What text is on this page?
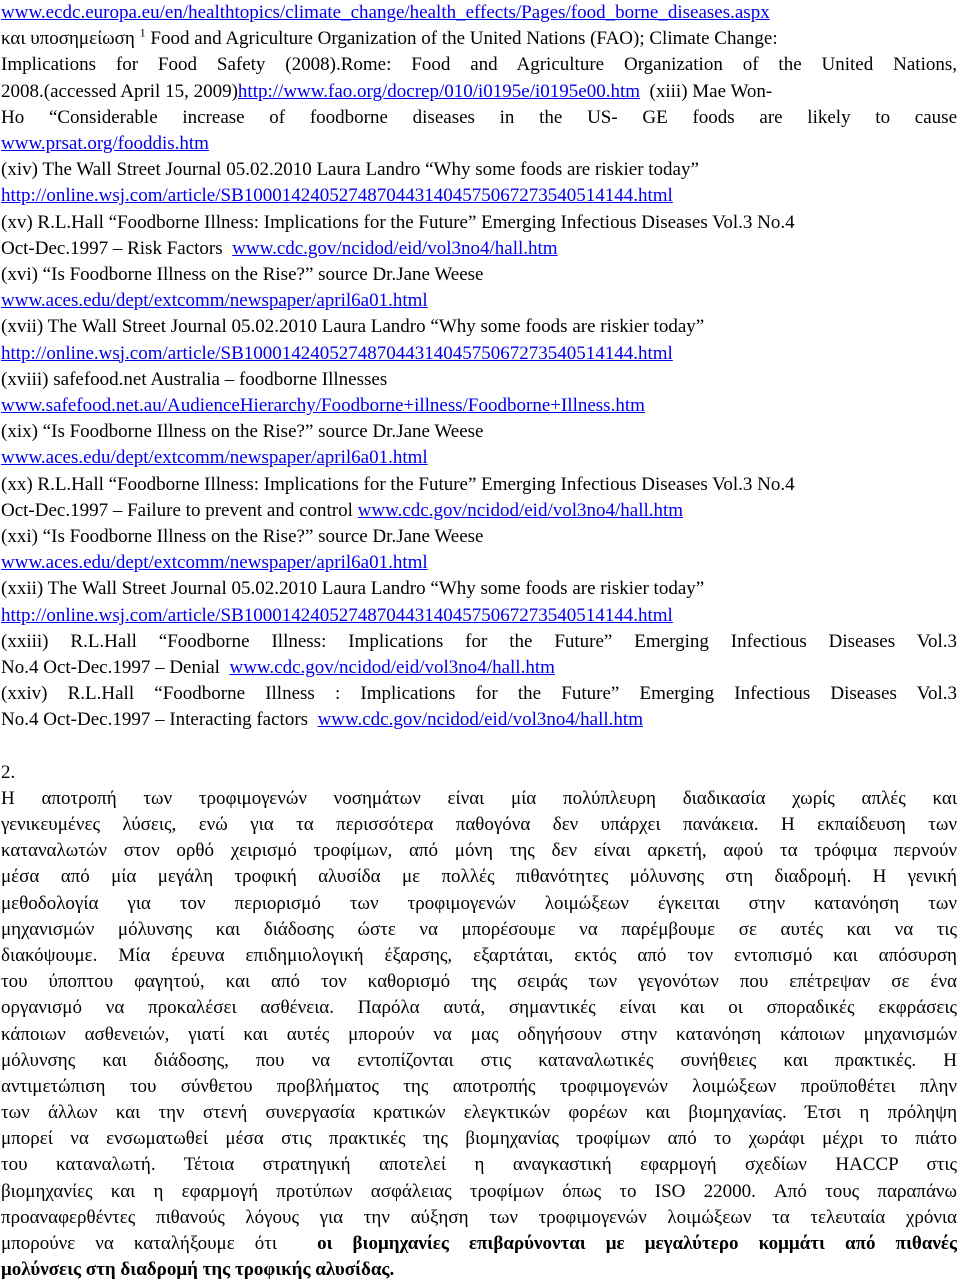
www.ecdc.europa.eu/en/healthtopics/climate_change/health_effects/Pages/food_borne_diseases.aspx
και υποσημείωση $^1$ Food and Agriculture Organization of the United Nations (FAO); Climate Change:
Implications for Food Safety (2008).Rome: Food and Agriculture Organization of the United Nations,
2008.(accessed April 15, 2009)http://www.fao.org/docrep/010/i0195e/i0195e00.htm  (xiii) Mae Won-
Ho “Considerable increase of foodborne diseases in the US- GE foods are likely to cause
www.prsat.org/fooddis.htm
(xiv) The Wall Street Journal 05.02.2010 Laura Landro “Why some foods are riskier today”
http://online.wsj.com/article/SB10001424052748704431404575067273540514144.html
(xv) R.L.Hall “Foodborne Illness: Implications for the Future” Emerging Infectious Diseases Vol.3 No.4
Oct-Dec.1997 – Risk Factors  www.cdc.gov/ncidod/eid/vol3no4/hall.htm
(xvi) “Is Foodborne Illness on the Rise?” source Dr.Jane Weese
www.aces.edu/dept/extcomm/newspaper/april6a01.html
(xvii) The Wall Street Journal 05.02.2010 Laura Landro “Why some foods are riskier today”
http://online.wsj.com/article/SB10001424052748704431404575067273540514144.html
(xviii) safefood.net Australia – foodborne Illnesses
www.safefood.net.au/AudienceHierarchy/Foodborne+illness/Foodborne+Illness.htm
(xix) “Is Foodborne Illness on the Rise?” source Dr.Jane Weese
www.aces.edu/dept/extcomm/newspaper/april6a01.html
(xx) R.L.Hall “Foodborne Illness: Implications for the Future” Emerging Infectious Diseases Vol.3 No.4
Oct-Dec.1997 – Failure to prevent and control www.cdc.gov/ncidod/eid/vol3no4/hall.htm
(xxi) “Is Foodborne Illness on the Rise?” source Dr.Jane Weese
www.aces.edu/dept/extcomm/newspaper/april6a01.html
(xxii) The Wall Street Journal 05.02.2010 Laura Landro “Why some foods are riskier today”
http://online.wsj.com/article/SB10001424052748704431404575067273540514144.html
(xxiii) R.L.Hall “Foodborne Illness: Implications for the Future” Emerging Infectious Diseases Vol.3
No.4 Oct-Dec.1997 – Denial  www.cdc.gov/ncidod/eid/vol3no4/hall.htm
(xxiv) R.L.Hall “Foodborne Illness : Implications for the Future” Emerging Infectious Diseases Vol.3
No.4 Oct-Dec.1997 – Interacting factors  www.cdc.gov/ncidod/eid/vol3no4/hall.htm
2.
Η αποτροπή των τροφιμογενών νοσημάτων είναι μία πολύπλευρη διαδικασία χωρίς απλές και
γενικευμένες λύσεις, ενώ για τα περισσότερα παθογόνα δεν υπάρχει πανάκεια. Η εκπαίδευση των
καταναλωτών στον ορθό χειρισμό τροφίμων, από μόνη της δεν είναι αρκετή, αφού τα τρόφιμα περνούν
μέσα από μία μεγάλη τροφική αλυσίδα με πολλές πιθανότητες μόλυνσης στη διαδρομή. Η γενική
μεθοδολογία για τον περιορισμό των τροφιμογενών λοιμώξεων έγκειται στην κατανόηση των
μηχανισμών μόλυνσης και διάδοσης ώστε να μπορέσουμε να παρέμβουμε σε αυτές και να τις
διακόψουμε. Μία έρευνα επιδημιολογική έξαρσης, εξαρτάται, εκτός από τον εντοπισμό και απόσυρση
του ύποπτου φαγητού, και από τον καθορισμό της σειράς των γεγονότων που επέτρεψαν σε ένα
οργανισμό να προκαλέσει ασθένεια. Παρόλα αυτά, σημαντικές είναι και οι σποραδικές εκφράσεις
κάποιων ασθενειών, γιατί και αυτές μπορούν να μας οδηγήσουν στην κατανόηση κάποιων μηχανισμών
μόλυνσης και διάδοσης, που να εντοπίζονται στις καταναλωτικές συνήθειες και πρακτικές. Η
αντιμετώπιση του σύνθετου προβλήματος της αποτροπής τροφιμογενών λοιμώξεων προϋποθέτει πλην
των άλλων και την στενή συνεργασία κρατικών ελεγκτικών φορέων και βιομηχανίας. Έτσι η πρόληψη
μπορεί να ενσωματωθεί μέσα στις πρακτικές της βιομηχανίας τροφίμων από το χωράφι μέχρι το πιάτο
του καταναλωτή. Τέτοια στρατηγική αποτελεί η αναγκαστική εφαρμογή σχεδίων HACCP στις
βιομηχανίες και η εφαρμογή προτύπων ασφάλειας τροφίμων όπως το ISO 22000. Από τους παραπάνω
προαναφερθέντες πιθανούς λόγους για την αύξηση των τροφιμογενών λοιμώξεων τα τελευταία χρόνια
μπορούνε να καταλήξουμε ότι  οι βιομηχανίες επιβαρύνονται με μεγαλύτερο κομμάτι από πιθανές
μολύνσεις στη διαδρομή της τροφικής αλυσίδας.
